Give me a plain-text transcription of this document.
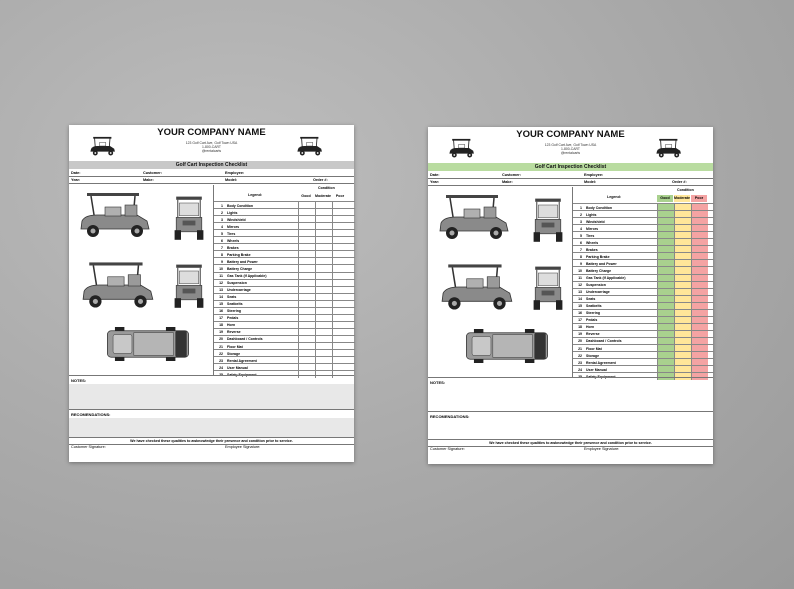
YOUR COMPANY NAME
123 Golf Cart Ave, Golf Town USA
1-800-CART
@rentalcarts
Golf Cart Inspection Checklist
Date:	Customer:	Employee:
Year:	Make:	Model:	Order #:
Legend:
Condition
Good	Moderate	Poor
1 Body Condition
2 Lights
3 Windshield
4 Mirrors
5 Tires
6 Wheels
7 Brakes
8 Parking Brake
9 Battery and Power
10 Battery Charge
11 Gas Tank (If Applicable)
12 Suspension
13 Undercarriage
14 Seats
15 Seatbelts
16 Steering
17 Pedals
18 Horn
19 Reverse
20 Dashboard / Controls
21 Floor Mat
22 Storage
23 Rental Agreement
24 User Manual
25 Safety Equipment
NOTES:
RECOMENDATIONS:
We have checked these qualities to awknowledge their presence and condition prior to service.
Customer Signature:	Employee Signature:
YOUR COMPANY NAME
123 Golf Cart Ave, Golf Town USA
1-800-CART
@rentalcarts
Golf Cart Inspection Checklist
Date:	Customer:	Employee:
Year:	Make:	Model:	Order #:
Legend:
Condition
Good	Moderate	Poor
1 Body Condition
2 Lights
3 Windshield
4 Mirrors
5 Tires
6 Wheels
7 Brakes
8 Parking Brake
9 Battery and Power
10 Battery Charge
11 Gas Tank (If Applicable)
12 Suspension
13 Undercarriage
14 Seats
15 Seatbelts
16 Steering
17 Pedals
18 Horn
19 Reverse
20 Dashboard / Controls
21 Floor Mat
22 Storage
23 Rental Agreement
24 User Manual
25 Safety Equipment
NOTES:
RECOMENDATIONS:
We have checked these qualities to awknowledge their presence and condition prior to service.
Customer Signature:	Employee Signature:
